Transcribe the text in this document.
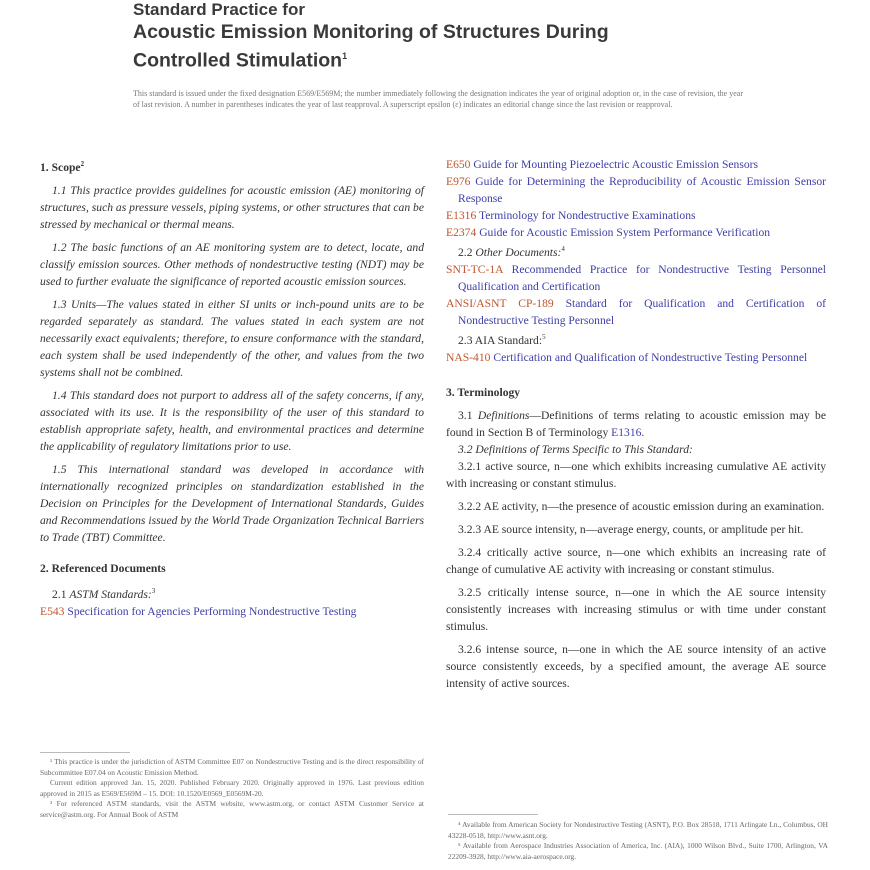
Standard Practice for
Acoustic Emission Monitoring of Structures During
Controlled Stimulation$^1$
This standard is issued under the fixed designation E569/E569M; the number immediately following the designation indicates the year of original adoption or, in the case of revision, the year of last revision. A number in parentheses indicates the year of last reapproval. A superscript epsilon (ε) indicates an editorial change since the last revision or reapproval.
1. Scope$^2$

1.1 This practice provides guidelines for acoustic emission (AE) monitoring of structures, such as pressure vessels, piping systems, or other structures that can be stressed by mechanical or thermal means.

1.2 The basic functions of an AE monitoring system are to detect, locate, and classify emission sources. Other methods of nondestructive testing (NDT) may be used to further evaluate the significance of reported acoustic emission sources.

1.3 Units—The values stated in either SI units or inch-pound units are to be regarded separately as standard. The values stated in each system are not necessarily exact equivalents; therefore, to ensure conformance with the standard, each system shall be used independently of the other, and values from the two systems shall not be combined.

1.4 This standard does not purport to address all of the safety concerns, if any, associated with its use. It is the responsibility of the user of this standard to establish appropriate safety, health, and environmental practices and determine the applicability of regulatory limitations prior to use.

1.5 This international standard was developed in accordance with internationally recognized principles on standardization established in the Decision on Principles for the Development of International Standards, Guides and Recommendations issued by the World Trade Organization Technical Barriers to Trade (TBT) Committee.

2. Referenced Documents

2.1 ASTM Standards:$^3$

E543 Specification for Agencies Performing Nondestructive Testing

¹ This practice is under the jurisdiction of ASTM Committee E07 on Nondestructive Testing and is the direct responsibility of Subcommittee E07.04 on Acoustic Emission Method.

Current edition approved Jan. 15, 2020. Published February 2020. Originally approved in 1976. Last previous edition approved in 2015 as E569/E569M – 15. DOI: 10.1520/E0569_E0569M-20.

³ For referenced ASTM standards, visit the ASTM website, www.astm.org, or contact ASTM Customer Service at service@astm.org. For Annual Book of ASTM

E650 Guide for Mounting Piezoelectric Acoustic Emission Sensors
E976 Guide for Determining the Reproducibility of Acoustic Emission Sensor Response
E1316 Terminology for Nondestructive Examinations
E2374 Guide for Acoustic Emission System Performance Verification

2.2 Other Documents:$^4$

SNT-TC-1A Recommended Practice for Nondestructive Testing Personnel Qualification and Certification
ANSI/ASNT CP-189 Standard for Qualification and Certification of Nondestructive Testing Personnel

2.3 AIA Standard:$^5$

NAS-410 Certification and Qualification of Nondestructive Testing Personnel
3. Terminology

3.1 Definitions—Definitions of terms relating to acoustic emission may be found in Section B of Terminology E1316.

3.2 Definitions of Terms Specific to This Standard:

3.2.1 active source, n—one which exhibits increasing cumulative AE activity with increasing or constant stimulus.

3.2.2 AE activity, n—the presence of acoustic emission during an examination.

3.2.3 AE source intensity, n—average energy, counts, or amplitude per hit.

3.2.4 critically active source, n—one which exhibits an increasing rate of change of cumulative AE activity with increasing or constant stimulus.

3.2.5 critically intense source, n—one in which the AE source intensity consistently increases with increasing stimulus or with time under constant stimulus.

3.2.6 intense source, n—one in which the AE source intensity of an active source consistently exceeds, by a specified amount, the average AE source intensity of active sources.

⁴ Available from American Society for Nondestructive Testing (ASNT), P.O. Box 28518, 1711 Arlingate Ln., Columbus, OH 43228-0518, http://www.asnt.org.

⁵ Available from Aerospace Industries Association of America, Inc. (AIA), 1000 Wilson Blvd., Suite 1700, Arlington, VA 22209-3928, http://www.aia-aerospace.org.
